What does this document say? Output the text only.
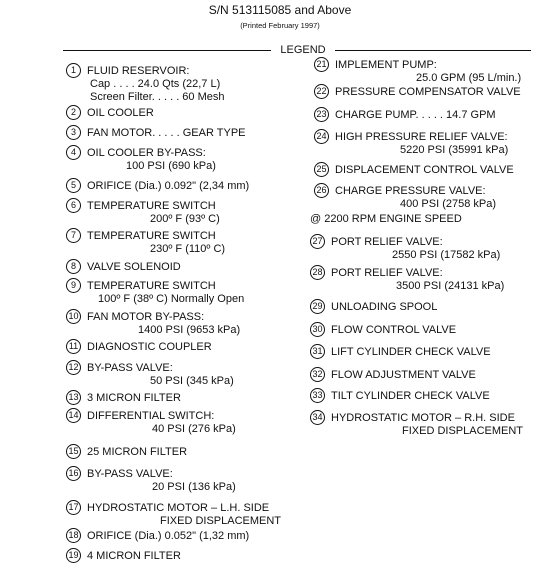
S/N 513115085 and Above
(Printed February 1997)
LEGEND
1	FLUID RESERVOIR:
Cap . . . . 24.0 Qts (22,7 L)
Screen Filter. . . . . 60 Mesh
2	OIL COOLER
3	FAN MOTOR. . . . . GEAR TYPE
4	OIL COOLER BY-PASS:
100 PSI (690 kPa)
5	ORIFICE (Dia.) 0.092" (2,34 mm)
6	TEMPERATURE SWITCH
200º F (93º C)
7	TEMPERATURE SWITCH
230º F (110º C)
8	VALVE SOLENOID
9	TEMPERATURE SWITCH
100º F (38º C) Normally Open
10 FAN MOTOR BY-PASS:
1400 PSI (9653 kPa)
11 DIAGNOSTIC COUPLER
12 BY-PASS VALVE:
50 PSI (345 kPa)
13 3 MICRON FILTER
14 DIFFERENTIAL SWITCH:
40 PSI (276 kPa)
15 25 MICRON FILTER
16 BY-PASS VALVE:
20 PSI (136 kPa)
17 HYDROSTATIC MOTOR – L.H. SIDE
FIXED DISPLACEMENT
18 ORIFICE (Dia.) 0.052" (1,32 mm)
19 4 MICRON FILTER
21 IMPLEMENT PUMP:
25.0 GPM (95 L/min.)
22 PRESSURE COMPENSATOR VALVE
23 CHARGE PUMP. . . . . 14.7 GPM
24 HIGH PRESSURE RELIEF VALVE:
5220 PSI (35991 kPa)
25 DISPLACEMENT CONTROL VALVE
26 CHARGE PRESSURE VALVE:
400 PSI (2758 kPa)
@ 2200 RPM ENGINE SPEED
27 PORT RELIEF VALVE:
2550 PSI (17582 kPa)
28 PORT RELIEF VALVE:
3500 PSI (24131 kPa)
29 UNLOADING SPOOL
30 FLOW CONTROL VALVE
31 LIFT CYLINDER CHECK VALVE
32 FLOW ADJUSTMENT VALVE
33 TILT CYLINDER CHECK VALVE
34 HYDROSTATIC MOTOR – R.H. SIDE
FIXED DISPLACEMENT
